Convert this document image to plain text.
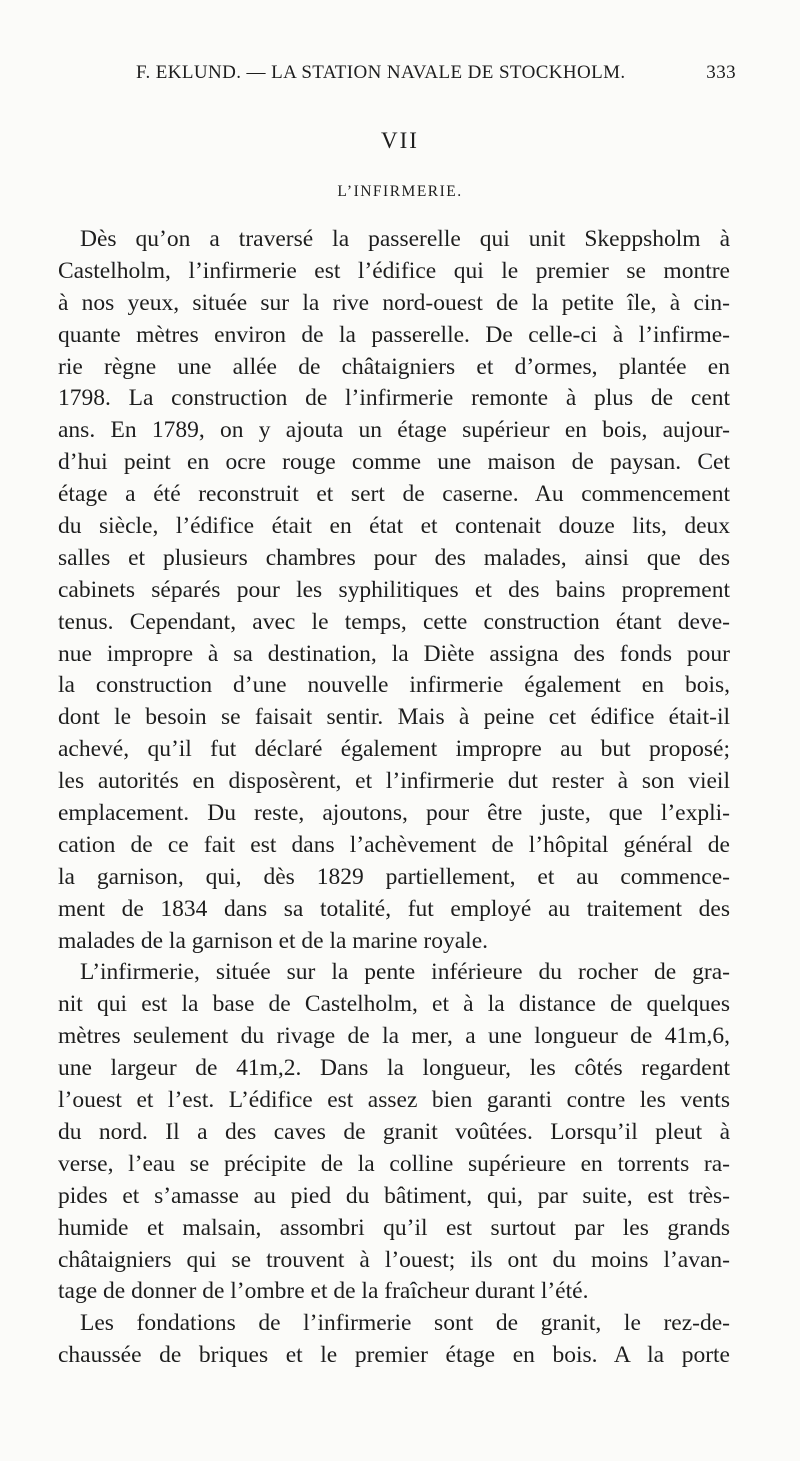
F. EKLUND. — LA STATION NAVALE DE STOCKHOLM.	333
VII
L’INFIRMERIE.
Dès qu’on a traversé la passerelle qui unit Skeppsholm à
Castelholm, l’infirmerie est l’édifice qui le premier se montre
à nos yeux, située sur la rive nord-ouest de la petite île, à cin-
quante mètres environ de la passerelle. De celle-ci à l’infirme-
rie règne une allée de châtaigniers et d’ormes, plantée en
1798. La construction de l’infirmerie remonte à plus de cent
ans. En 1789, on y ajouta un étage supérieur en bois, aujour-
d’hui peint en ocre rouge comme une maison de paysan. Cet
étage a été reconstruit et sert de caserne. Au commencement
du siècle, l’édifice était en état et contenait douze lits, deux
salles et plusieurs chambres pour des malades, ainsi que des
cabinets séparés pour les syphilitiques et des bains proprement
tenus. Cependant, avec le temps, cette construction étant deve-
nue impropre à sa destination, la Diète assigna des fonds pour
la construction d’une nouvelle infirmerie également en bois,
dont le besoin se faisait sentir. Mais à peine cet édifice était-il
achevé, qu’il fut déclaré également impropre au but proposé;
les autorités en disposèrent, et l’infirmerie dut rester à son vieil
emplacement. Du reste, ajoutons, pour être juste, que l’expli-
cation de ce fait est dans l’achèvement de l’hôpital général de
la garnison, qui, dès 1829 partiellement, et au commence-
ment de 1834 dans sa totalité, fut employé au traitement des
malades de la garnison et de la marine royale.
L’infirmerie, située sur la pente inférieure du rocher de gra-
nit qui est la base de Castelholm, et à la distance de quelques
mètres seulement du rivage de la mer, a une longueur de 41m,6,
une largeur de 41m,2. Dans la longueur, les côtés regardent
l’ouest et l’est. L’édifice est assez bien garanti contre les vents
du nord. Il a des caves de granit voûtées. Lorsqu’il pleut à
verse, l’eau se précipite de la colline supérieure en torrents ra-
pides et s’amasse au pied du bâtiment, qui, par suite, est très-
humide et malsain, assombri qu’il est surtout par les grands
châtaigniers qui se trouvent à l’ouest; ils ont du moins l’avan-
tage de donner de l’ombre et de la fraîcheur durant l’été.
Les fondations de l’infirmerie sont de granit, le rez-de-
chaussée de briques et le premier étage en bois. A la porte
